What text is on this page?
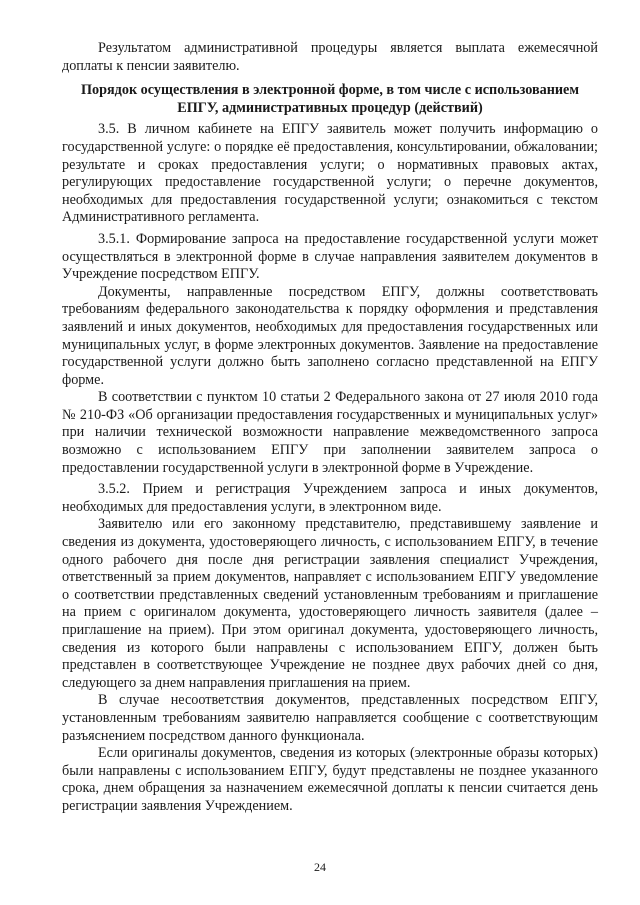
Результатом административной процедуры является выплата ежемесячной доплаты к пенсии заявителю.

Порядок осуществления в электронной форме, в том числе с использованием ЕПГУ, административных процедур (действий)

3.5. В личном кабинете на ЕПГУ заявитель может получить информацию о государственной услуге: о порядке её предоставления, консультировании, обжаловании; результате и сроках предоставления услуги; о нормативных правовых актах, регулирующих предоставление государственной услуги; о перечне документов, необходимых для предоставления государственной услуги; ознакомиться с текстом Административного регламента.

3.5.1. Формирование запроса на предоставление государственной услуги может осуществляться в электронной форме в случае направления заявителем документов в Учреждение посредством ЕПГУ.

Документы, направленные посредством ЕПГУ, должны соответствовать требованиям федерального законодательства к порядку оформления и представления заявлений и иных документов, необходимых для предоставления государственных или муниципальных услуг, в форме электронных документов. Заявление на предоставление государственной услуги должно быть заполнено согласно представленной на ЕПГУ форме.

В соответствии с пунктом 10 статьи 2 Федерального закона от 27 июля 2010 года № 210-ФЗ «Об организации предоставления государственных и муниципальных услуг» при наличии технической возможности направление межведомственного запроса возможно с использованием ЕПГУ при заполнении заявителем запроса о предоставлении государственной услуги в электронной форме в Учреждение.

3.5.2. Прием и регистрация Учреждением запроса и иных документов, необходимых для предоставления услуги, в электронном виде.

Заявителю или его законному представителю, представившему заявление и сведения из документа, удостоверяющего личность, с использованием ЕПГУ, в течение одного рабочего дня после дня регистрации заявления специалист Учреждения, ответственный за прием документов, направляет с использованием ЕПГУ уведомление о соответствии представленных сведений установленным требованиям и приглашение на прием с оригиналом документа, удостоверяющего личность заявителя (далее – приглашение на прием). При этом оригинал документа, удостоверяющего личность, сведения из которого были направлены с использованием ЕПГУ, должен быть представлен в соответствующее Учреждение не позднее двух рабочих дней со дня, следующего за днем направления приглашения на прием.

В случае несоответствия документов, представленных посредством ЕПГУ, установленным требованиям заявителю направляется сообщение с соответствующим разъяснением посредством данного функционала.

Если оригиналы документов, сведения из которых (электронные образы которых) были направлены с использованием ЕПГУ, будут представлены не позднее указанного срока, днем обращения за назначением ежемесячной доплаты к пенсии считается день регистрации заявления Учреждением.

24
